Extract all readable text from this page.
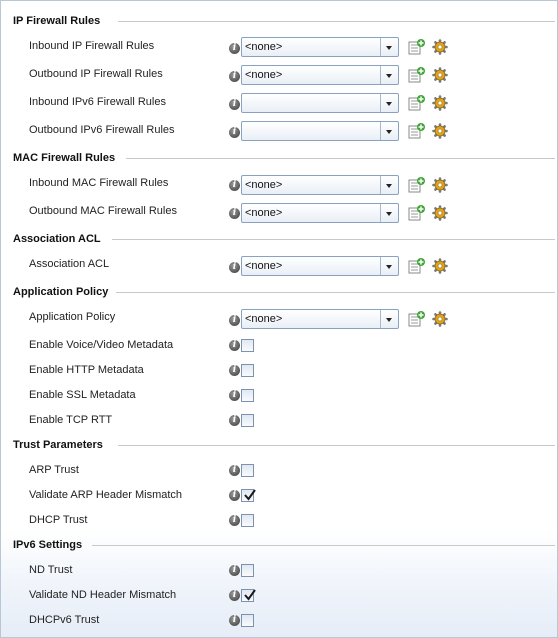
IP Firewall Rules
Inbound IP Firewall Rules	i <none>
Outbound IP Firewall Rules	i <none>
Inbound IPv6 Firewall Rules	i
Outbound IPv6 Firewall Rules	i
MAC Firewall Rules
Inbound MAC Firewall Rules	i <none>
Outbound MAC Firewall Rules	i <none>
Association ACL
Association ACL	i <none>
Application Policy
Application Policy	i <none>
Enable Voice/Video Metadata	i
Enable HTTP Metadata	i
Enable SSL Metadata	i
Enable TCP RTT	i
Trust Parameters
ARP Trust	i
Validate ARP Header Mismatch	i
DHCP Trust	i
IPv6 Settings
ND Trust	i
Validate ND Header Mismatch	i
DHCPv6 Trust	i
